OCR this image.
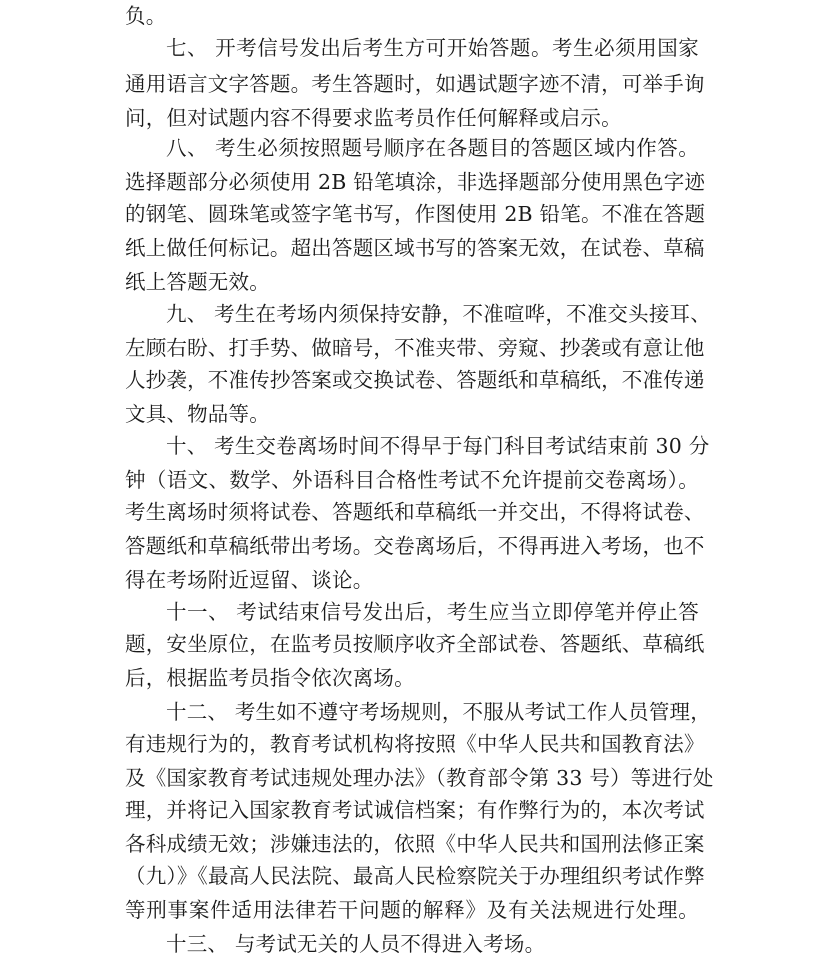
负。
七、 开考信号发出后考生方可开始答题。考生必须用国家
通用语言文字答题。考生答题时，如遇试题字迹不清，可举手询
问，但对试题内容不得要求监考员作任何解释或启示。
八、 考生必须按照题号顺序在各题目的答题区域内作答。
选择题部分必须使用 2B 铅笔填涂，非选择题部分使用黑色字迹
的钢笔、圆珠笔或签字笔书写，作图使用 2B 铅笔。不准在答题
纸上做任何标记。超出答题区域书写的答案无效，在试卷、草稿
纸上答题无效。
九、 考生在考场内须保持安静，不准喧哗，不准交头接耳、
左顾右盼、打手势、做暗号，不准夹带、旁窥、抄袭或有意让他
人抄袭，不准传抄答案或交换试卷、答题纸和草稿纸，不准传递
文具、物品等。
十、 考生交卷离场时间不得早于每门科目考试结束前 30 分
钟（语文、数学、外语科目合格性考试不允许提前交卷离场）。
考生离场时须将试卷、答题纸和草稿纸一并交出，不得将试卷、
答题纸和草稿纸带出考场。交卷离场后，不得再进入考场，也不
得在考场附近逗留、谈论。
十一、 考试结束信号发出后，考生应当立即停笔并停止答
题，安坐原位，在监考员按顺序收齐全部试卷、答题纸、草稿纸
后，根据监考员指令依次离场。
十二、 考生如不遵守考场规则，不服从考试工作人员管理，
有违规行为的，教育考试机构将按照《中华人民共和国教育法》
及《国家教育考试违规处理办法》（教育部令第 33 号）等进行处
理，并将记入国家教育考试诚信档案；有作弊行为的，本次考试
各科成绩无效；涉嫌违法的，依照《中华人民共和国刑法修正案
（九）》《最高人民法院、最高人民检察院关于办理组织考试作弊
等刑事案件适用法律若干问题的解释》及有关法规进行处理。
十三、 与考试无关的人员不得进入考场。
